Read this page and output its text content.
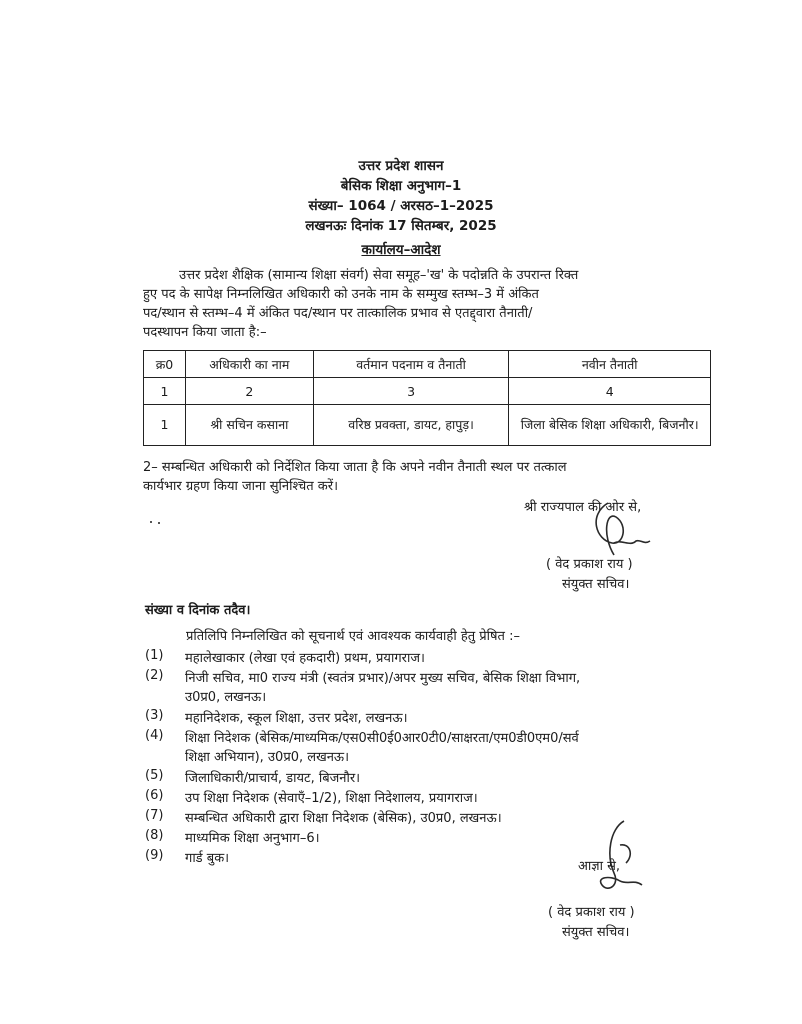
उत्तर प्रदेश शासन
बेसिक शिक्षा अनुभाग–1
संख्या– 1064 / अरसठ–1–2025
लखनऊः दिनांक 17 सितम्बर, 2025
कार्यालय–आदेश
उत्तर प्रदेश शैक्षिक (सामान्य शिक्षा संवर्ग) सेवा समूह–'ख' के पदोन्नति के उपरान्त रिक्त
हुए पद के सापेक्ष निम्नलिखित अधिकारी को उनके नाम के सम्मुख स्तम्भ–3 में अंकित
पद/स्थान से स्तम्भ–4 में अंकित पद/स्थान पर तात्कालिक प्रभाव से एतद्द्वारा तैनाती/
पदस्थापन किया जाता है:–
क्र0	अधिकारी का नाम	वर्तमान पदनाम व तैनाती	नवीन तैनाती
1	2	3	4
1	श्री सचिन कसाना	वरिष्ठ प्रवक्ता, डायट, हापुड़।	जिला बेसिक शिक्षा अधिकारी, बिजनौर।
2– सम्बन्धित अधिकारी को निर्देशित किया जाता है कि अपने नवीन तैनाती स्थल पर तत्काल
कार्यभार ग्रहण किया जाना सुनिश्चित करें।
श्री राज्यपाल की ओर से,
( वेद प्रकाश राय )
संयुक्त सचिव।
संख्या व दिनांक तदैव।
प्रतिलिपि निम्नलिखित को सूचनार्थ एवं आवश्यक कार्यवाही हेतु प्रेषित :–
(1)	महालेखाकार (लेखा एवं हकदारी) प्रथम, प्रयागराज।
(2)	निजी सचिव, मा0 राज्य मंत्री (स्वतंत्र प्रभार)/अपर मुख्य सचिव, बेसिक शिक्षा विभाग,
उ0प्र0, लखनऊ।
(3)	महानिदेशक, स्कूल शिक्षा, उत्तर प्रदेश, लखनऊ।
(4)	शिक्षा निदेशक (बेसिक/माध्यमिक/एस0सी0ई0आर0टी0/साक्षरता/एम0डी0एम0/सर्व
शिक्षा अभियान), उ0प्र0, लखनऊ।
(5)	जिलाधिकारी/प्राचार्य, डायट, बिजनौर।
(6)	उप शिक्षा निदेशक (सेवाएँ–1/2), शिक्षा निदेशालय, प्रयागराज।
(7)	सम्बन्धित अधिकारी द्वारा शिक्षा निदेशक (बेसिक), उ0प्र0, लखनऊ।
(8)	माध्यमिक शिक्षा अनुभाग–6।
(9)	गार्ड बुक।
आज्ञा से,
( वेद प्रकाश राय )
संयुक्त सचिव।
